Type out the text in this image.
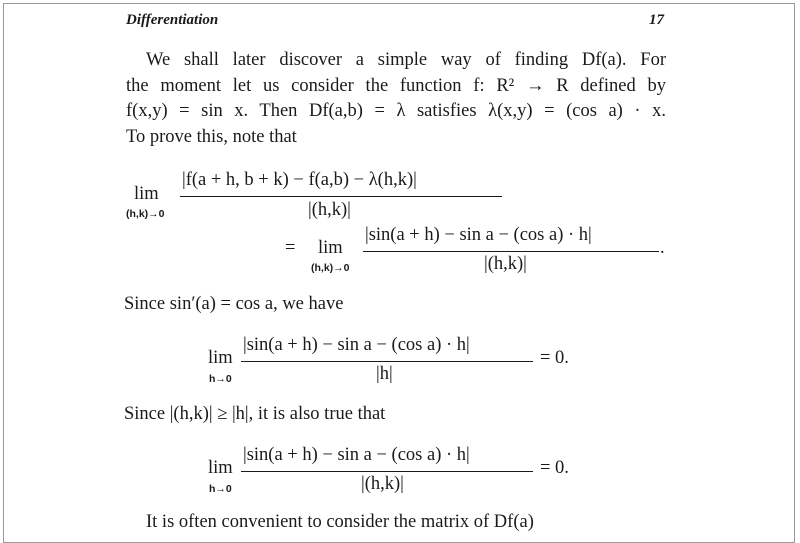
Differentiation	17
We shall later discover a simple way of finding Df(a). For
the moment let us consider the function f: R² → R defined by
f(x,y) = sin x. Then Df(a,b) = λ satisfies λ(x,y) = (cos a) · x.
To prove this, note that
lim
(h,k)→0
|f(a + h, b + k) − f(a,b) − λ(h,k)|
|(h,k)|
= lim
(h,k)→0
|sin(a + h) − sin a − (cos a) · h|
|(h,k)|
.
Since sin′(a) = cos a, we have
lim
h→0
|sin(a + h) − sin a − (cos a) · h|
|h|
= 0.
Since |(h,k)| ≥ |h|, it is also true that
lim
h→0
|sin(a + h) − sin a − (cos a) · h|
|(h,k)|
= 0.
It is often convenient to consider the matrix of Df(a)
